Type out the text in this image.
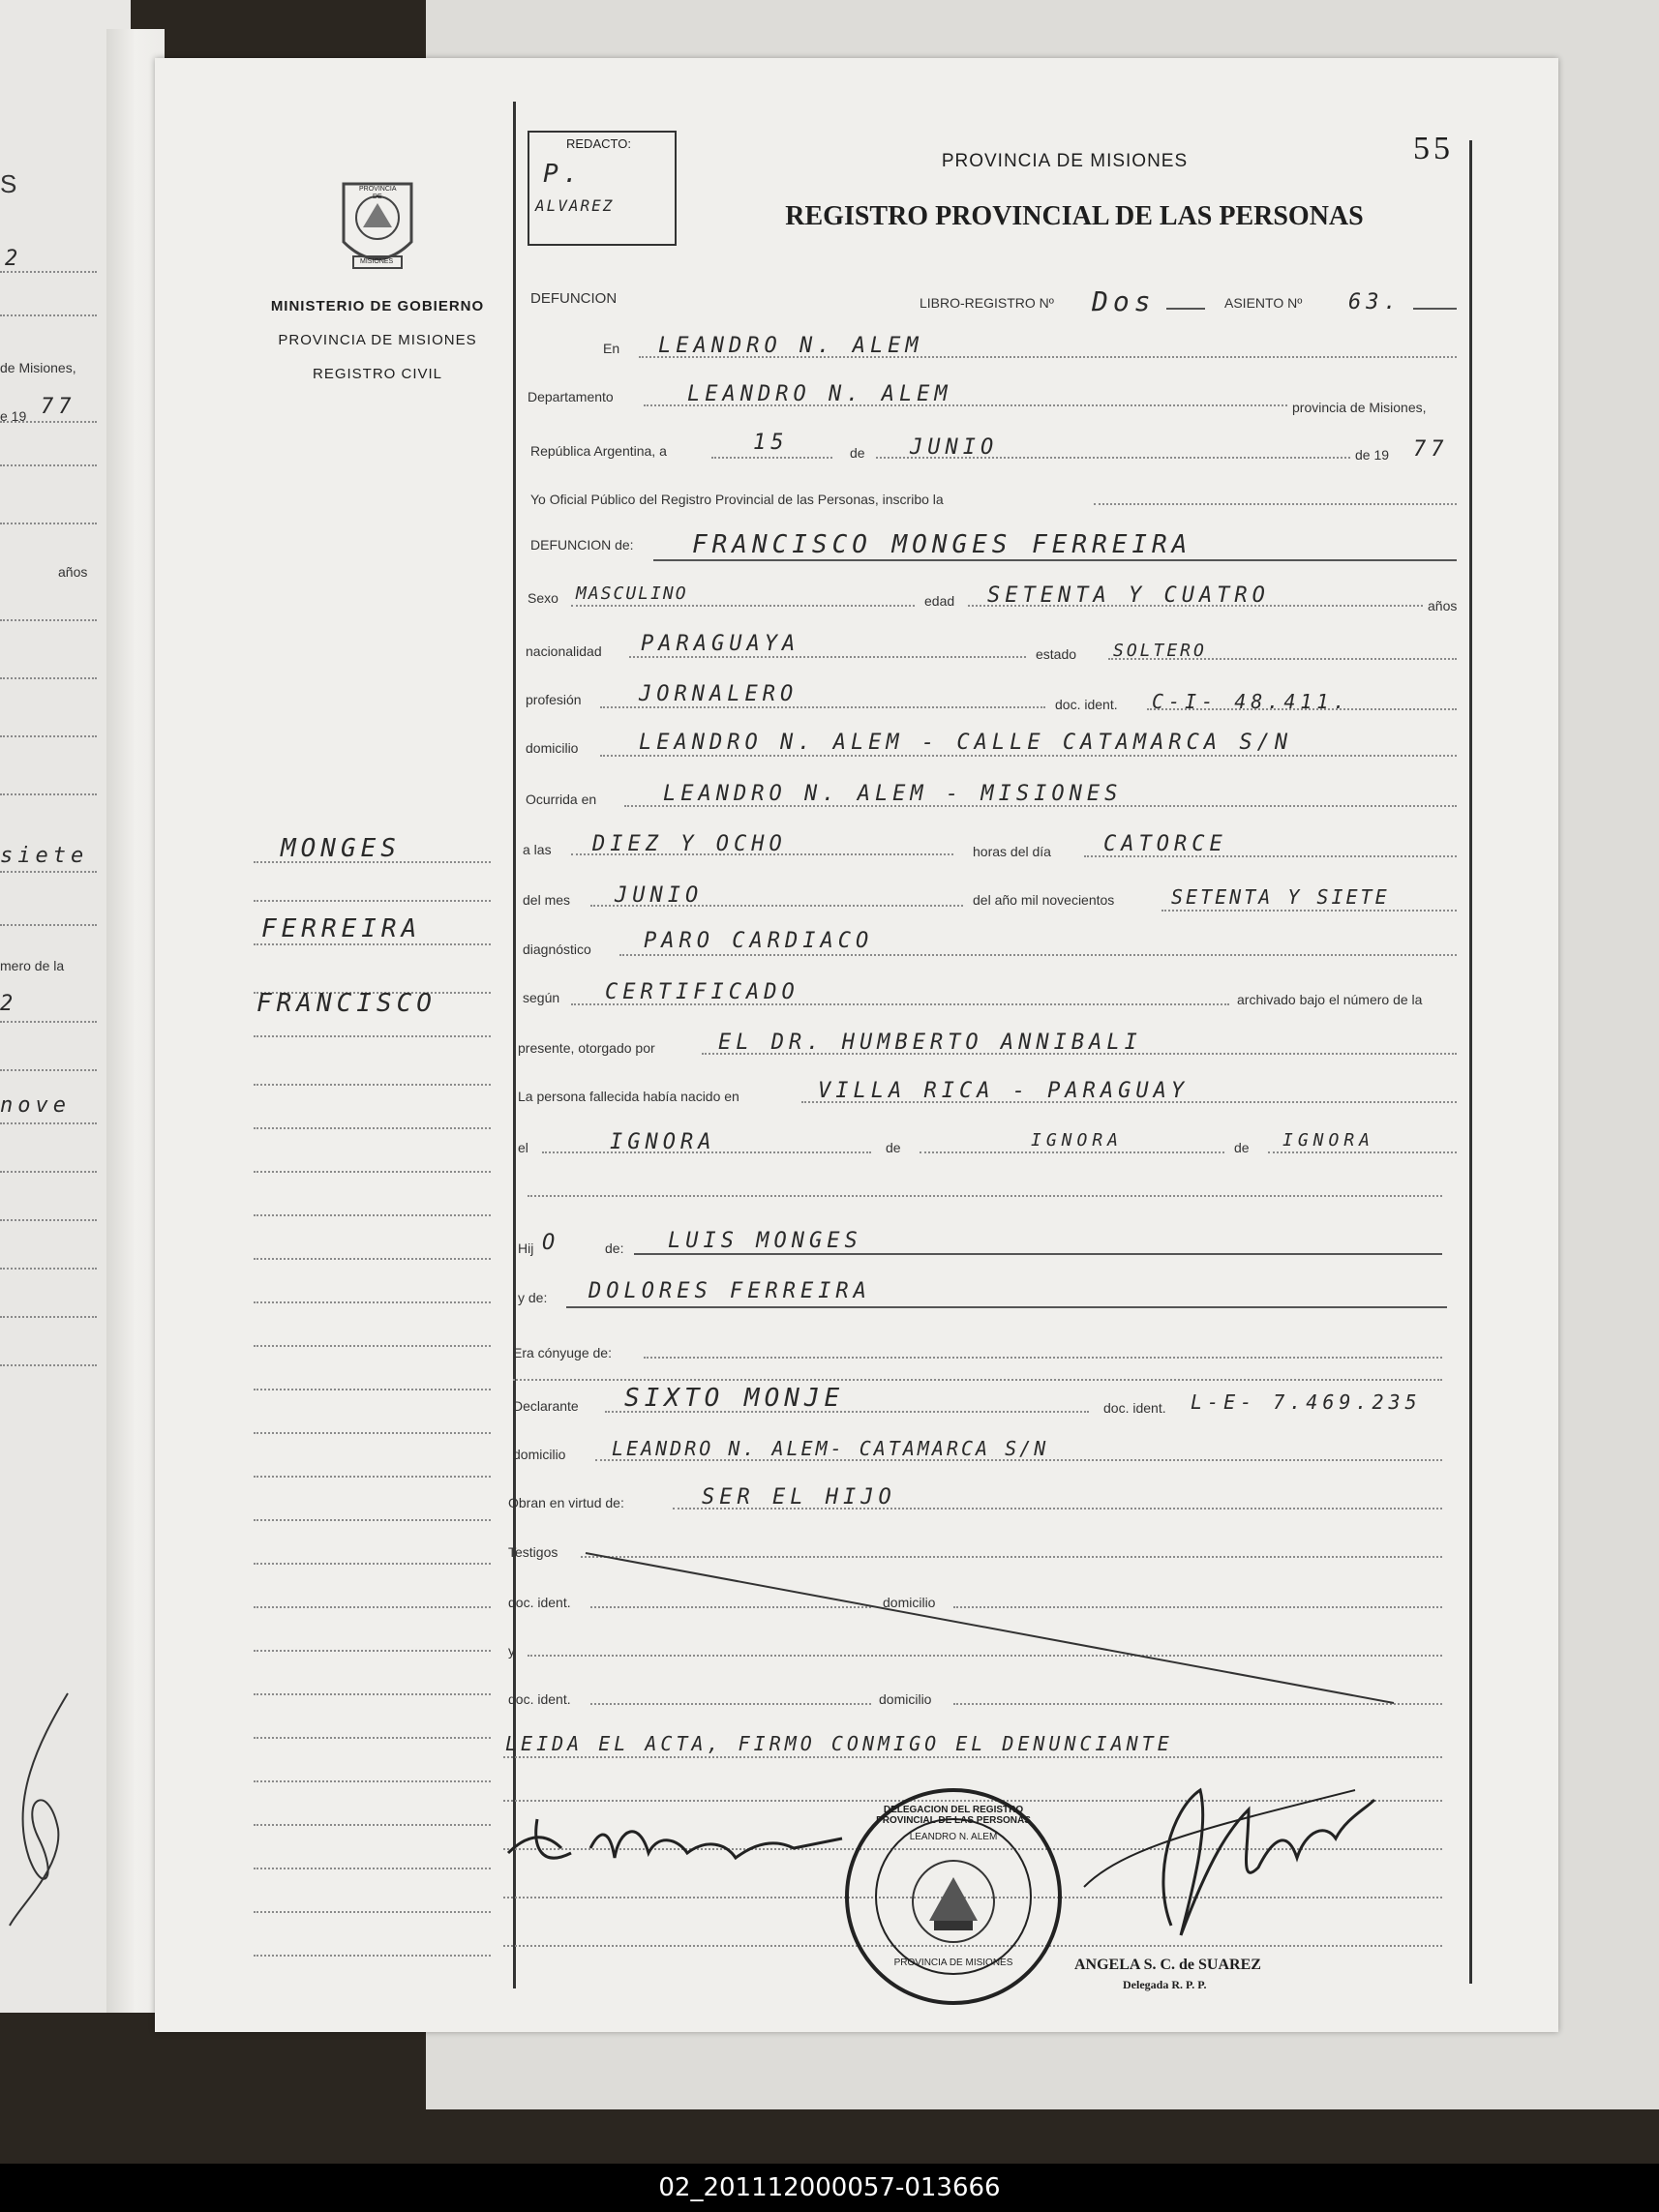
S
2
de Misiones,
e 19 77
años
siete
mero de la
2
nove
PROVINCIA
DE
MISIONES
MINISTERIO DE GOBIERNO
PROVINCIA DE MISIONES
REGISTRO CIVIL
MONGES
FERREIRA
FRANCISCO
REDACTO:
P.
ALVAREZ
55
PROVINCIA DE MISIONES
REGISTRO PROVINCIAL DE LAS PERSONAS
DEFUNCION	LIBRO-REGISTRO Nº Dos	ASIENTO Nº 63.
En LEANDRO N. ALEM
Departamento	LEANDRO N. ALEM
provincia de Misiones,
República Argentina, a	15	de JUNIO	de 19 77
Yo Oficial Público del Registro Provincial de las Personas, inscribo la
DEFUNCION de: FRANCISCO MONGES FERREIRA
Sexo MASCULINO	edad SETENTA Y CUATRO	años
nacionalidad PARAGUAYA	estado SOLTERO
profesión	JORNALERO	doc. ident. C-I- 48.411.
domicilio	LEANDRO N. ALEM - CALLE CATAMARCA S/N
Ocurrida en	LEANDRO N. ALEM - MISIONES
a las DIEZ Y OCHO	horas del día CATORCE
del mes JUNIO	del año mil novecientos	SETENTA Y SIETE
diagnóstico PARO CARDIACO
según CERTIFICADO	archivado bajo el número de la
presente, otorgado por	EL DR. HUMBERTO ANNIBALI
La persona fallecida había nacido en	VILLA RICA - PARAGUAY
el	IGNORA	de	IGNORA	de IGNORA
Hij O	de: LUIS MONGES
y de: DOLORES FERREIRA
Era cónyuge de:
Declarante SIXTO MONJE	doc. ident. L-E- 7.469.235
domicilio LEANDRO N. ALEM- CATAMARCA S/N
Obran en virtud de:	SER EL HIJO
Testigos
doc. ident.	domicilio
y
doc. ident.	domicilio
LEIDA EL ACTA, FIRMO CONMIGO EL DENUNCIANTE
DELEGACION DEL REGISTRO PROVINCIAL DE LAS PERSONAS
LEANDRO N. ALEM
PROVINCIA DE MISIONES	ANGELA S. C. de SUAREZ
Delegada R. P. P.
02_201112000057-013666
